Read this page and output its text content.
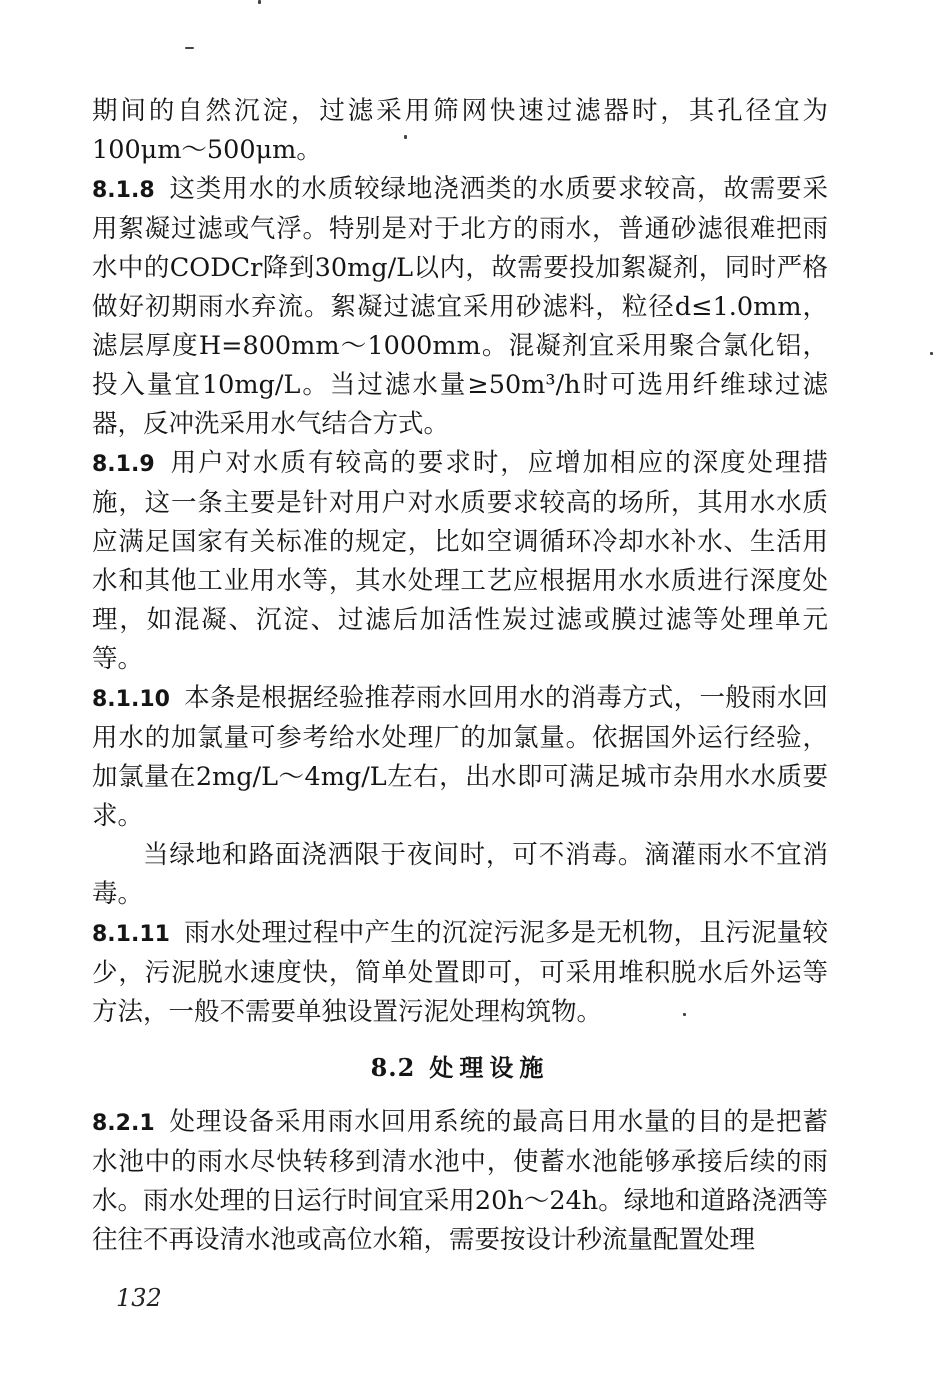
期间的自然沉淀，过滤采用筛网快速过滤器时，其孔径宜为100μm～500μm。

8.1.8 这类用水的水质较绿地浇洒类的水质要求较高，故需要采用絮凝过滤或气浮。特别是对于北方的雨水，普通砂滤很难把雨水中的CODCr降到30mg/L以内，故需要投加絮凝剂，同时严格做好初期雨水弃流。絮凝过滤宜采用砂滤料，粒径d≤1.0mm，滤层厚度H=800mm～1000mm。混凝剂宜采用聚合氯化铝，投入量宜10mg/L。当过滤水量≥50m³/h时可选用纤维球过滤器，反冲洗采用水气结合方式。

8.1.9 用户对水质有较高的要求时，应增加相应的深度处理措施，这一条主要是针对用户对水质要求较高的场所，其用水水质应满足国家有关标准的规定，比如空调循环冷却水补水、生活用水和其他工业用水等，其水处理工艺应根据用水水质进行深度处理，如混凝、沉淀、过滤后加活性炭过滤或膜过滤等处理单元等。

8.1.10 本条是根据经验推荐雨水回用水的消毒方式，一般雨水回用水的加氯量可参考给水处理厂的加氯量。依据国外运行经验，加氯量在2mg/L～4mg/L左右，出水即可满足城市杂用水水质要求。

当绿地和路面浇洒限于夜间时，可不消毒。滴灌雨水不宜消毒。

8.1.11 雨水处理过程中产生的沉淀污泥多是无机物，且污泥量较少，污泥脱水速度快，简单处置即可，可采用堆积脱水后外运等方法，一般不需要单独设置污泥处理构筑物。

8.2 处理设施

8.2.1 处理设备采用雨水回用系统的最高日用水量的目的是把蓄水池中的雨水尽快转移到清水池中，使蓄水池能够承接后续的雨水。雨水处理的日运行时间宜采用20h～24h。绿地和道路浇洒等往往不再设清水池或高位水箱，需要按设计秒流量配置处理

132
